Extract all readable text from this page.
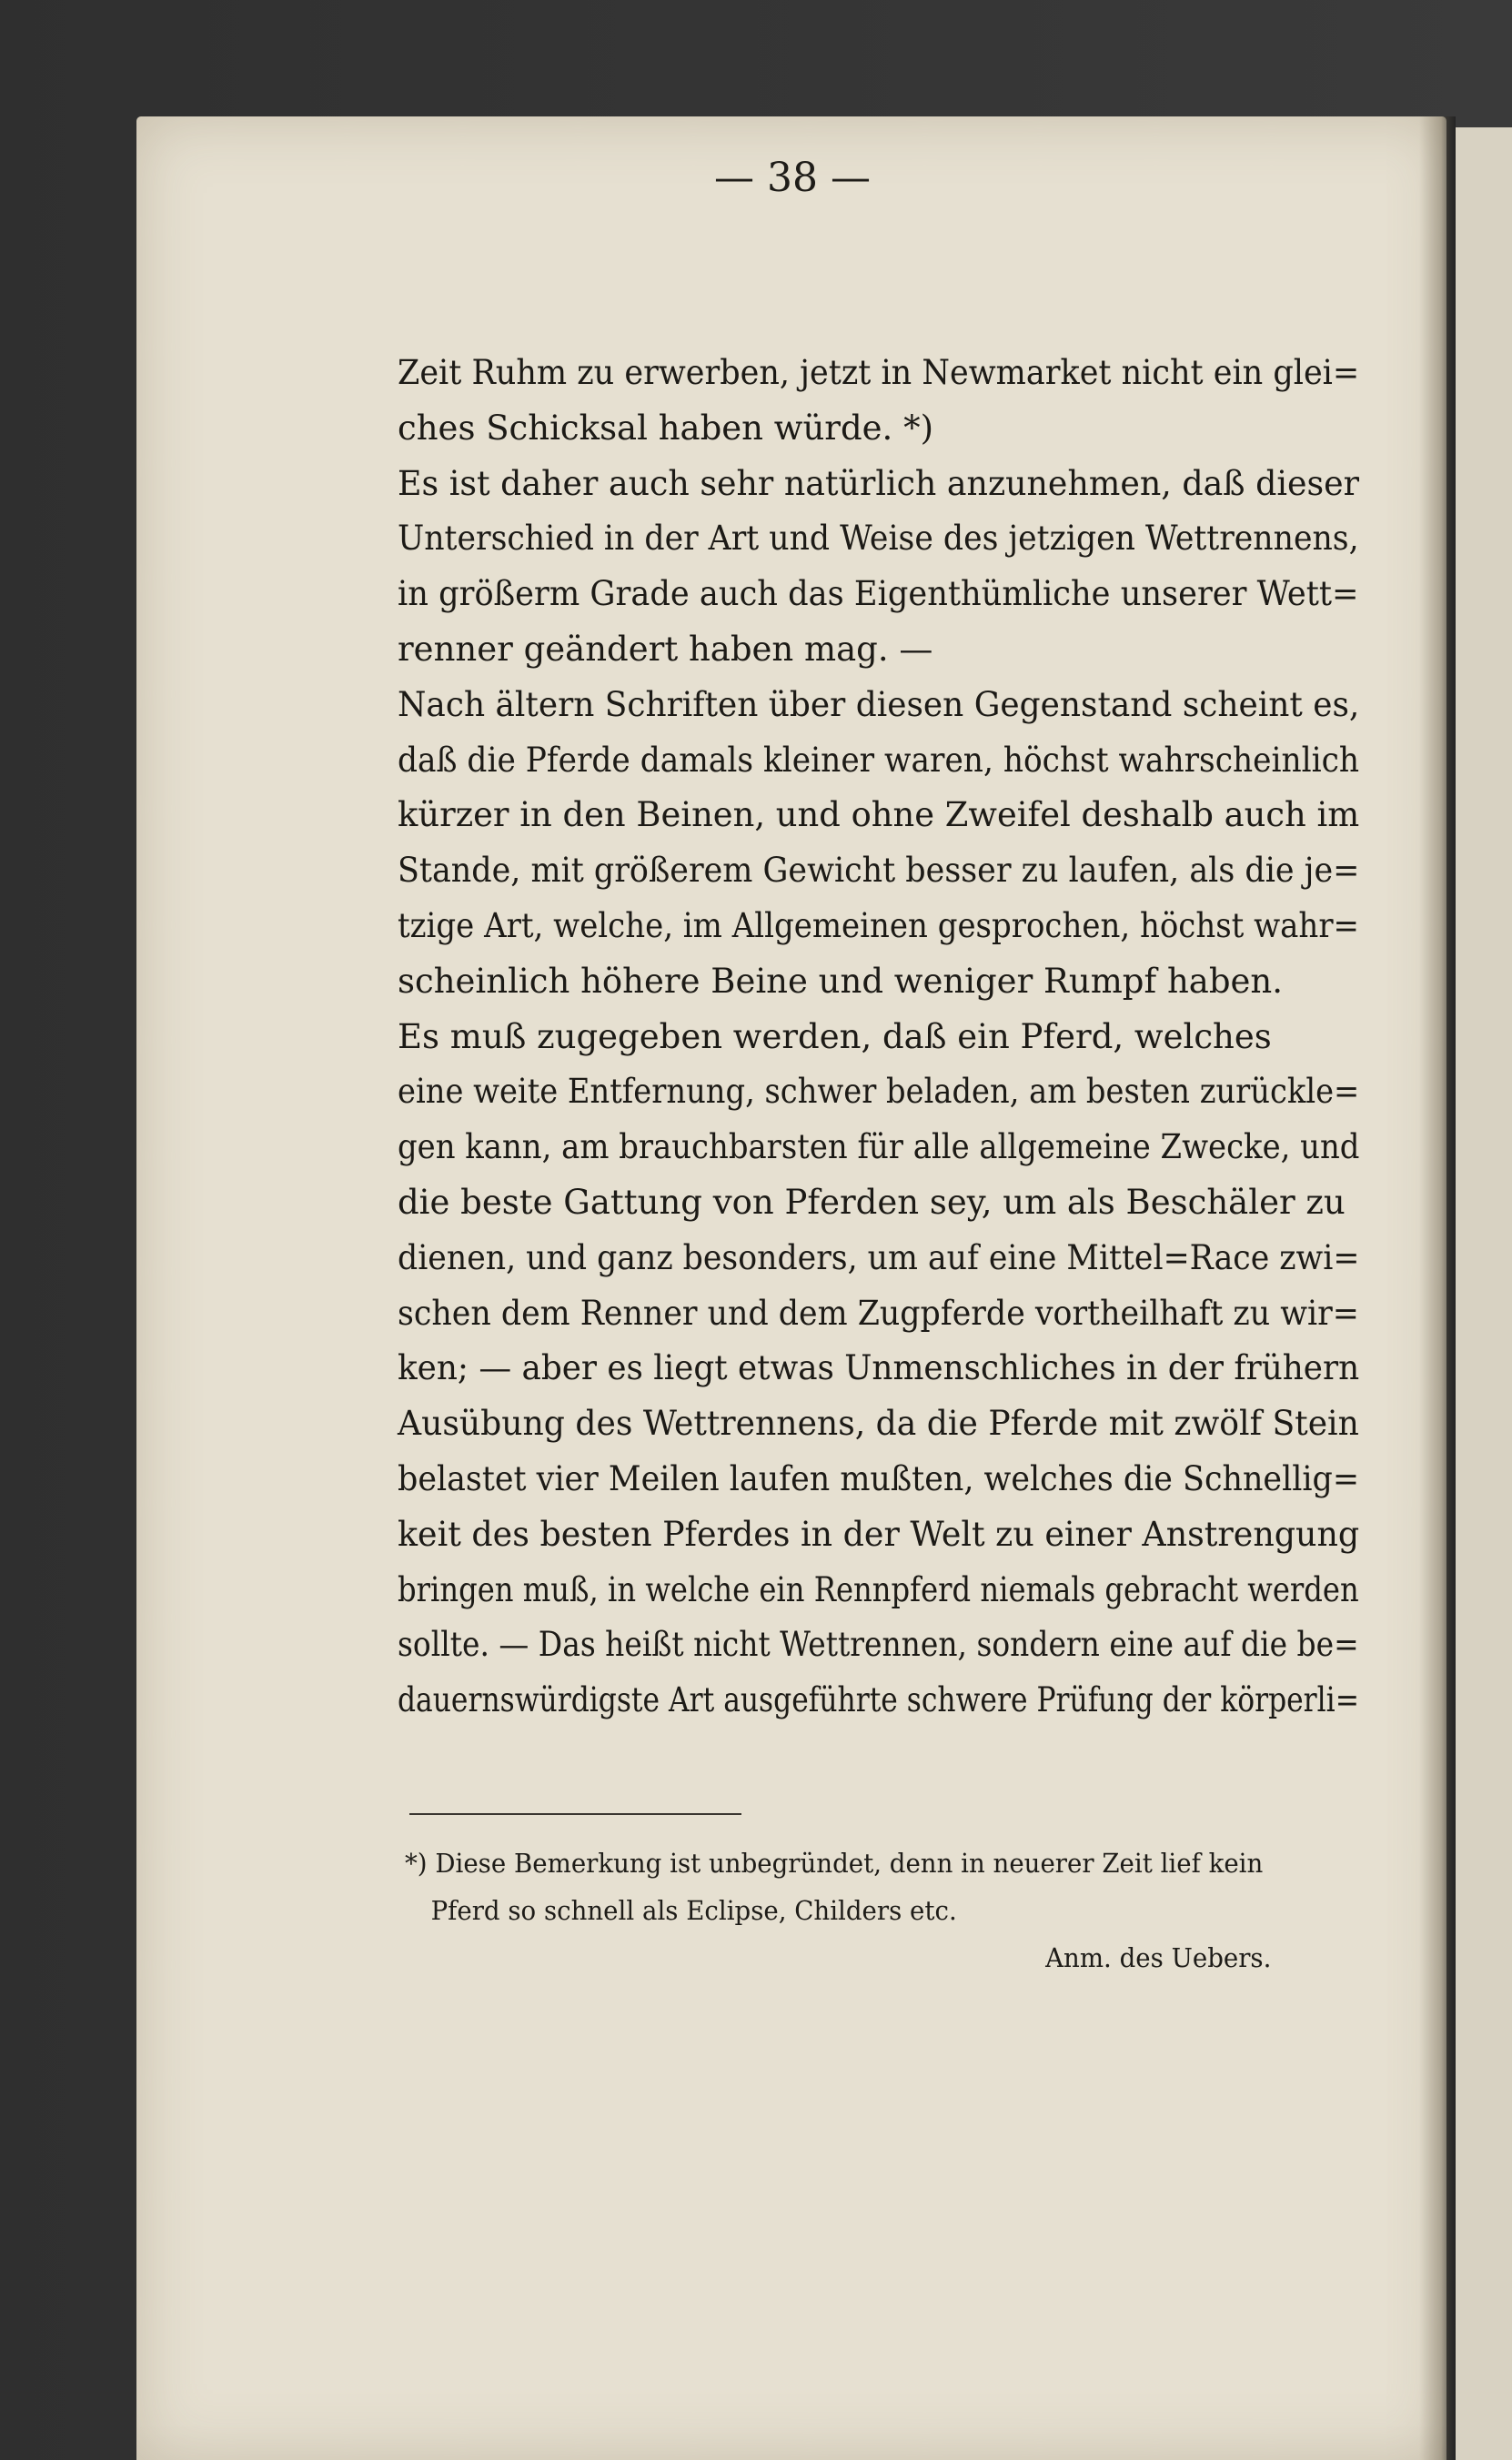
— 38 —
Zeit Ruhm zu erwerben, jetzt in Newmarket nicht ein glei=
ches Schicksal haben würde. *)
Es ist daher auch sehr natürlich anzunehmen, daß dieser
Unterschied in der Art und Weise des jetzigen Wettrennens,
in größerm Grade auch das Eigenthümliche unserer Wett=
renner geändert haben mag. —
Nach ältern Schriften über diesen Gegenstand scheint es,
daß die Pferde damals kleiner waren, höchst wahrscheinlich
kürzer in den Beinen, und ohne Zweifel deshalb auch im
Stande, mit größerem Gewicht besser zu laufen, als die je=
tzige Art, welche, im Allgemeinen gesprochen, höchst wahr=
scheinlich höhere Beine und weniger Rumpf haben.
Es muß zugegeben werden, daß ein Pferd, welches
eine weite Entfernung, schwer beladen, am besten zurückle=
gen kann, am brauchbarsten für alle allgemeine Zwecke, und
die beste Gattung von Pferden sey, um als Beschäler zu
dienen, und ganz besonders, um auf eine Mittel=Race zwi=
schen dem Renner und dem Zugpferde vortheilhaft zu wir=
ken; — aber es liegt etwas Unmenschliches in der frühern
Ausübung des Wettrennens, da die Pferde mit zwölf Stein
belastet vier Meilen laufen mußten, welches die Schnellig=
keit des besten Pferdes in der Welt zu einer Anstrengung
bringen muß, in welche ein Rennpferd niemals gebracht werden
sollte. — Das heißt nicht Wettrennen, sondern eine auf die be=
dauernswürdigste Art ausgeführte schwere Prüfung der körperli=
*) Diese Bemerkung ist unbegründet, denn in neuerer Zeit lief kein
Pferd so schnell als Eclipse, Childers etc.
Anm. des Uebers.
